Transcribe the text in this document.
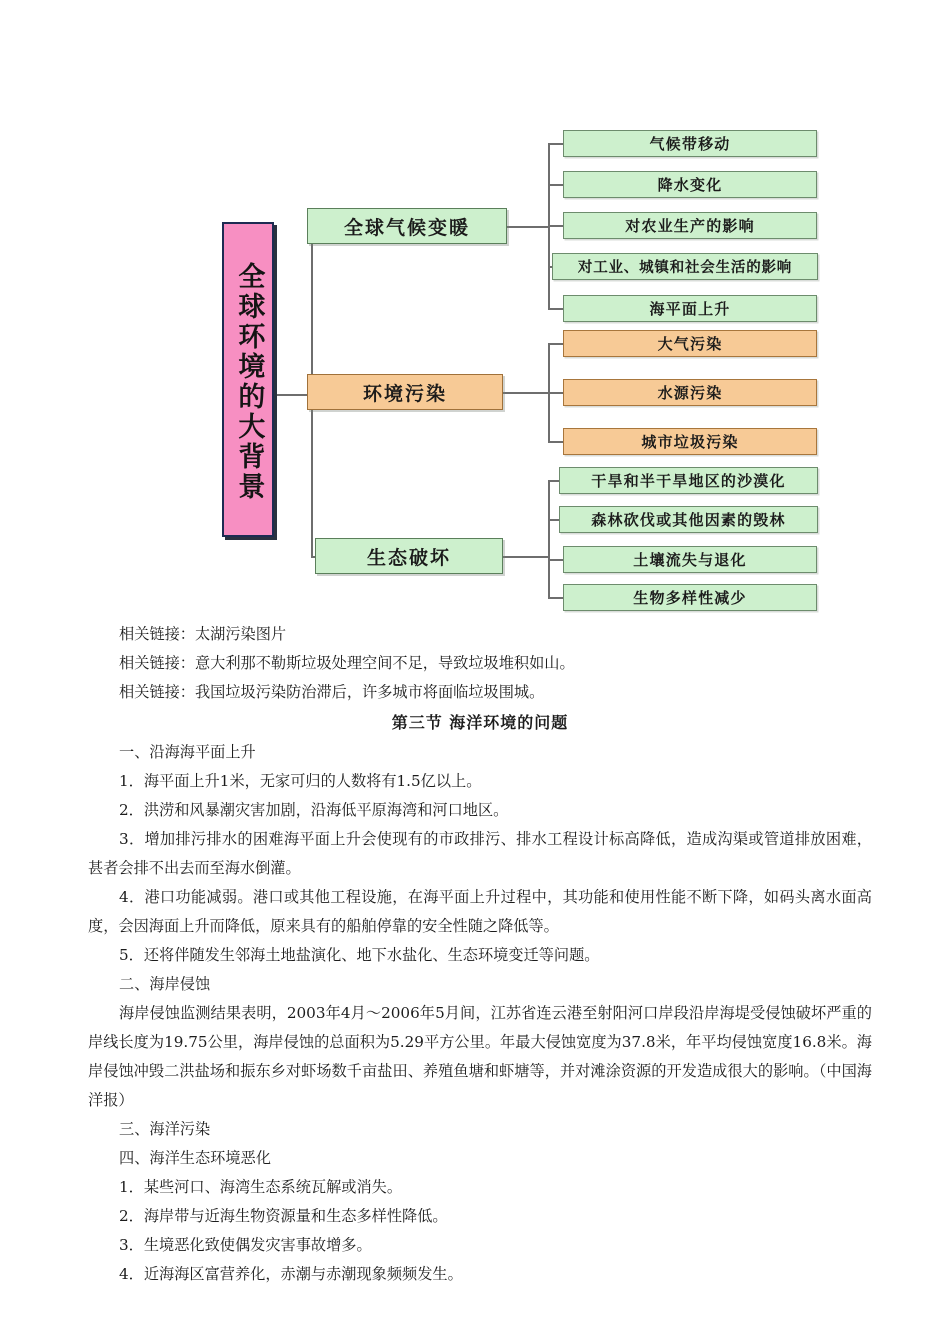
全球环境的大背景
全球气候变暖
气候带移动
降水变化
对农业生产的影响
对工业、城镇和社会生活的影响
海平面上升
环境污染
大气污染
水源污染
城市垃圾污染
生态破坏
干旱和半干旱地区的沙漠化
森林砍伐或其他因素的毁林
土壤流失与退化
生物多样性减少

相关链接：太湖污染图片

相关链接：意大利那不勒斯垃圾处理空间不足，导致垃圾堆积如山。

相关链接：我国垃圾污染防治滞后，许多城市将面临垃圾围城。

第三节 海洋环境的问题

一、沿海海平面上升

1．海平面上升1米，无家可归的人数将有1.5亿以上。

2．洪涝和风暴潮灾害加剧，沿海低平原海湾和河口地区。

3．增加排污排水的困难海平面上升会使现有的市政排污、排水工程设计标高降低，造成沟渠或管道排放困难，甚者会排不出去而至海水倒灌。

4．港口功能减弱。港口或其他工程设施，在海平面上升过程中，其功能和使用性能不断下降，如码头离水面高度，会因海面上升而降低，原来具有的船舶停靠的安全性随之降低等。

5．还将伴随发生邻海土地盐演化、地下水盐化、生态环境变迁等问题。

二、海岸侵蚀

海岸侵蚀监测结果表明，2003年4月～2006年5月间，江苏省连云港至射阳河口岸段沿岸海堤受侵蚀破坏严重的岸线长度为19.75公里，海岸侵蚀的总面积为5.29平方公里。年最大侵蚀宽度为37.8米，年平均侵蚀宽度16.8米。海岸侵蚀冲毁二洪盐场和振东乡对虾场数千亩盐田、养殖鱼塘和虾塘等，并对滩涂资源的开发造成很大的影响。（中国海洋报）

三、海洋污染

四、海洋生态环境恶化

1．某些河口、海湾生态系统瓦解或消失。

2．海岸带与近海生物资源量和生态多样性降低。

3．生境恶化致使偶发灾害事故增多。

4．近海海区富营养化，赤潮与赤潮现象频频发生。
